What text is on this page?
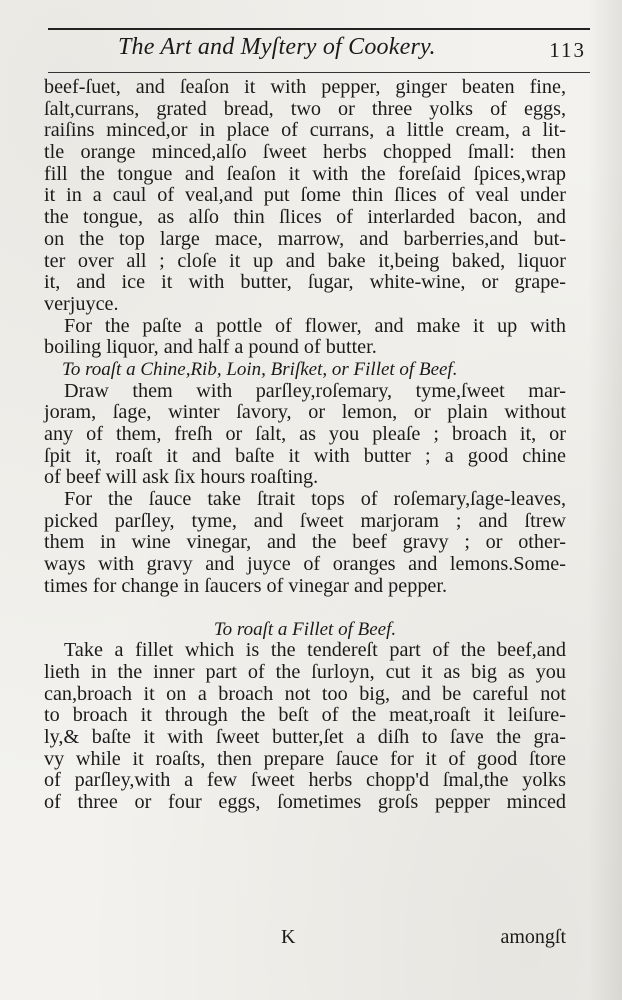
The Art and Myſtery of Cookery.	113
beef-ſuet, and ſeaſon it with pepper, ginger beaten fine,
ſalt,currans, grated bread, two or three yolks of eggs,
raiſins minced,or in place of currans, a little cream, a lit-
tle orange minced,alſo ſweet herbs chopped ſmall: then
fill the tongue and ſeaſon it with the foreſaid ſpices,wrap
it in a caul of veal,and put ſome thin ſlices of veal under
the tongue, as alſo thin ſlices of interlarded bacon, and
on the top large mace, marrow, and barberries,and but-
ter over all ; cloſe it up and bake it,being baked, liquor
it, and ice it with butter, ſugar, white-wine, or grape-
verjuyce.
For the paſte a pottle of flower, and make it up with
boiling liquor, and half a pound of butter.
To roaſt a Chine,Rib, Loin, Briſket, or Fillet of Beef.
Draw them with parſley,roſemary, tyme,ſweet mar-
joram, ſage, winter ſavory, or lemon, or plain without
any of them, freſh or ſalt, as you pleaſe ; broach it, or
ſpit it, roaſt it and baſte it with butter ; a good chine
of beef will ask ſix hours roaſting.
For the ſauce take ſtrait tops of roſemary,ſage-leaves,
picked parſley, tyme, and ſweet marjoram ; and ſtrew
them in wine vinegar, and the beef gravy ; or other-
ways with gravy and juyce of oranges and lemons.Some-
times for change in ſaucers of vinegar and pepper.
To roaſt a Fillet of Beef.
Take a fillet which is the tendereſt part of the beef,and
lieth in the inner part of the ſurloyn, cut it as big as you
can,broach it on a broach not too big, and be careful not
to broach it through the beſt of the meat,roaſt it leiſure-
ly,& baſte it with ſweet butter,ſet a diſh to ſave the gra-
vy while it roaſts, then prepare ſauce for it of good ſtore
of parſley,with a few ſweet herbs chopp'd ſmal,the yolks
of three or four eggs, ſometimes groſs pepper minced
K	amongſt
